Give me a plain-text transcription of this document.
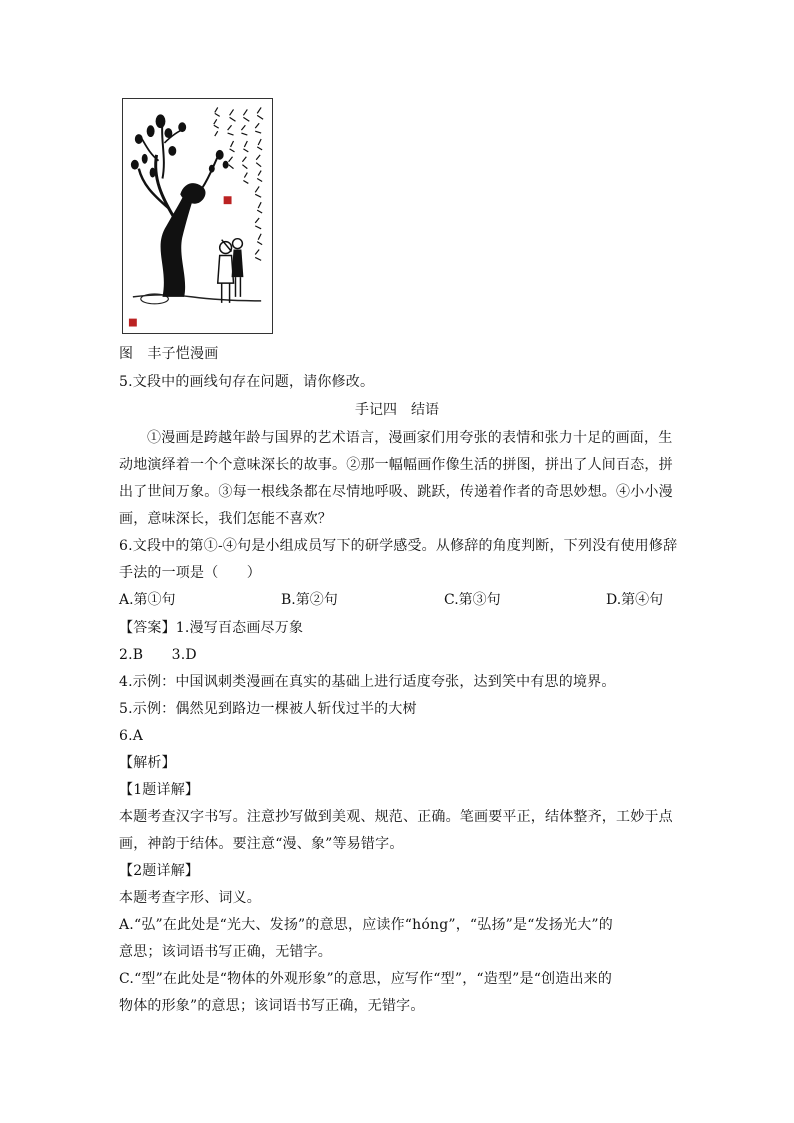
图　丰子恺漫画
5.文段中的画线句存在问题，请你修改。
手记四　结语
①漫画是跨越年龄与国界的艺术语言，漫画家们用夸张的表情和张力十足的画面，生
动地演绎着一个个意味深长的故事。②那一幅幅画作像生活的拼图，拼出了人间百态，拼
出了世间万象。③每一根线条都在尽情地呼吸、跳跃，传递着作者的奇思妙想。④小小漫
画，意味深长，我们怎能不喜欢？
6.文段中的第①-④句是小组成员写下的研学感受。从修辞的角度判断，下列没有使用修辞
手法的一项是（　　）
A.第①句	B.第②句	C.第③句	D.第④句
【答案】1.漫写百态画尽万象
2.B　　3.D
4.示例：中国讽刺类漫画在真实的基础上进行适度夸张，达到笑中有思的境界。
5.示例：偶然见到路边一棵被人斩伐过半的大树
6.A
【解析】
【1题详解】
本题考查汉字书写。注意抄写做到美观、规范、正确。笔画要平正，结体整齐，工妙于点
画，神韵于结体。要注意“漫、象”等易错字。
【2题详解】
本题考查字形、词义。
A.“弘”在此处是“光大、发扬”的意思，应读作“hóng”，“弘扬”是“发扬光大”的
意思；该词语书写正确，无错字。
C.“型”在此处是“物体的外观形象”的意思，应写作“型”，“造型”是“创造出来的
物体的形象”的意思；该词语书写正确，无错字。
